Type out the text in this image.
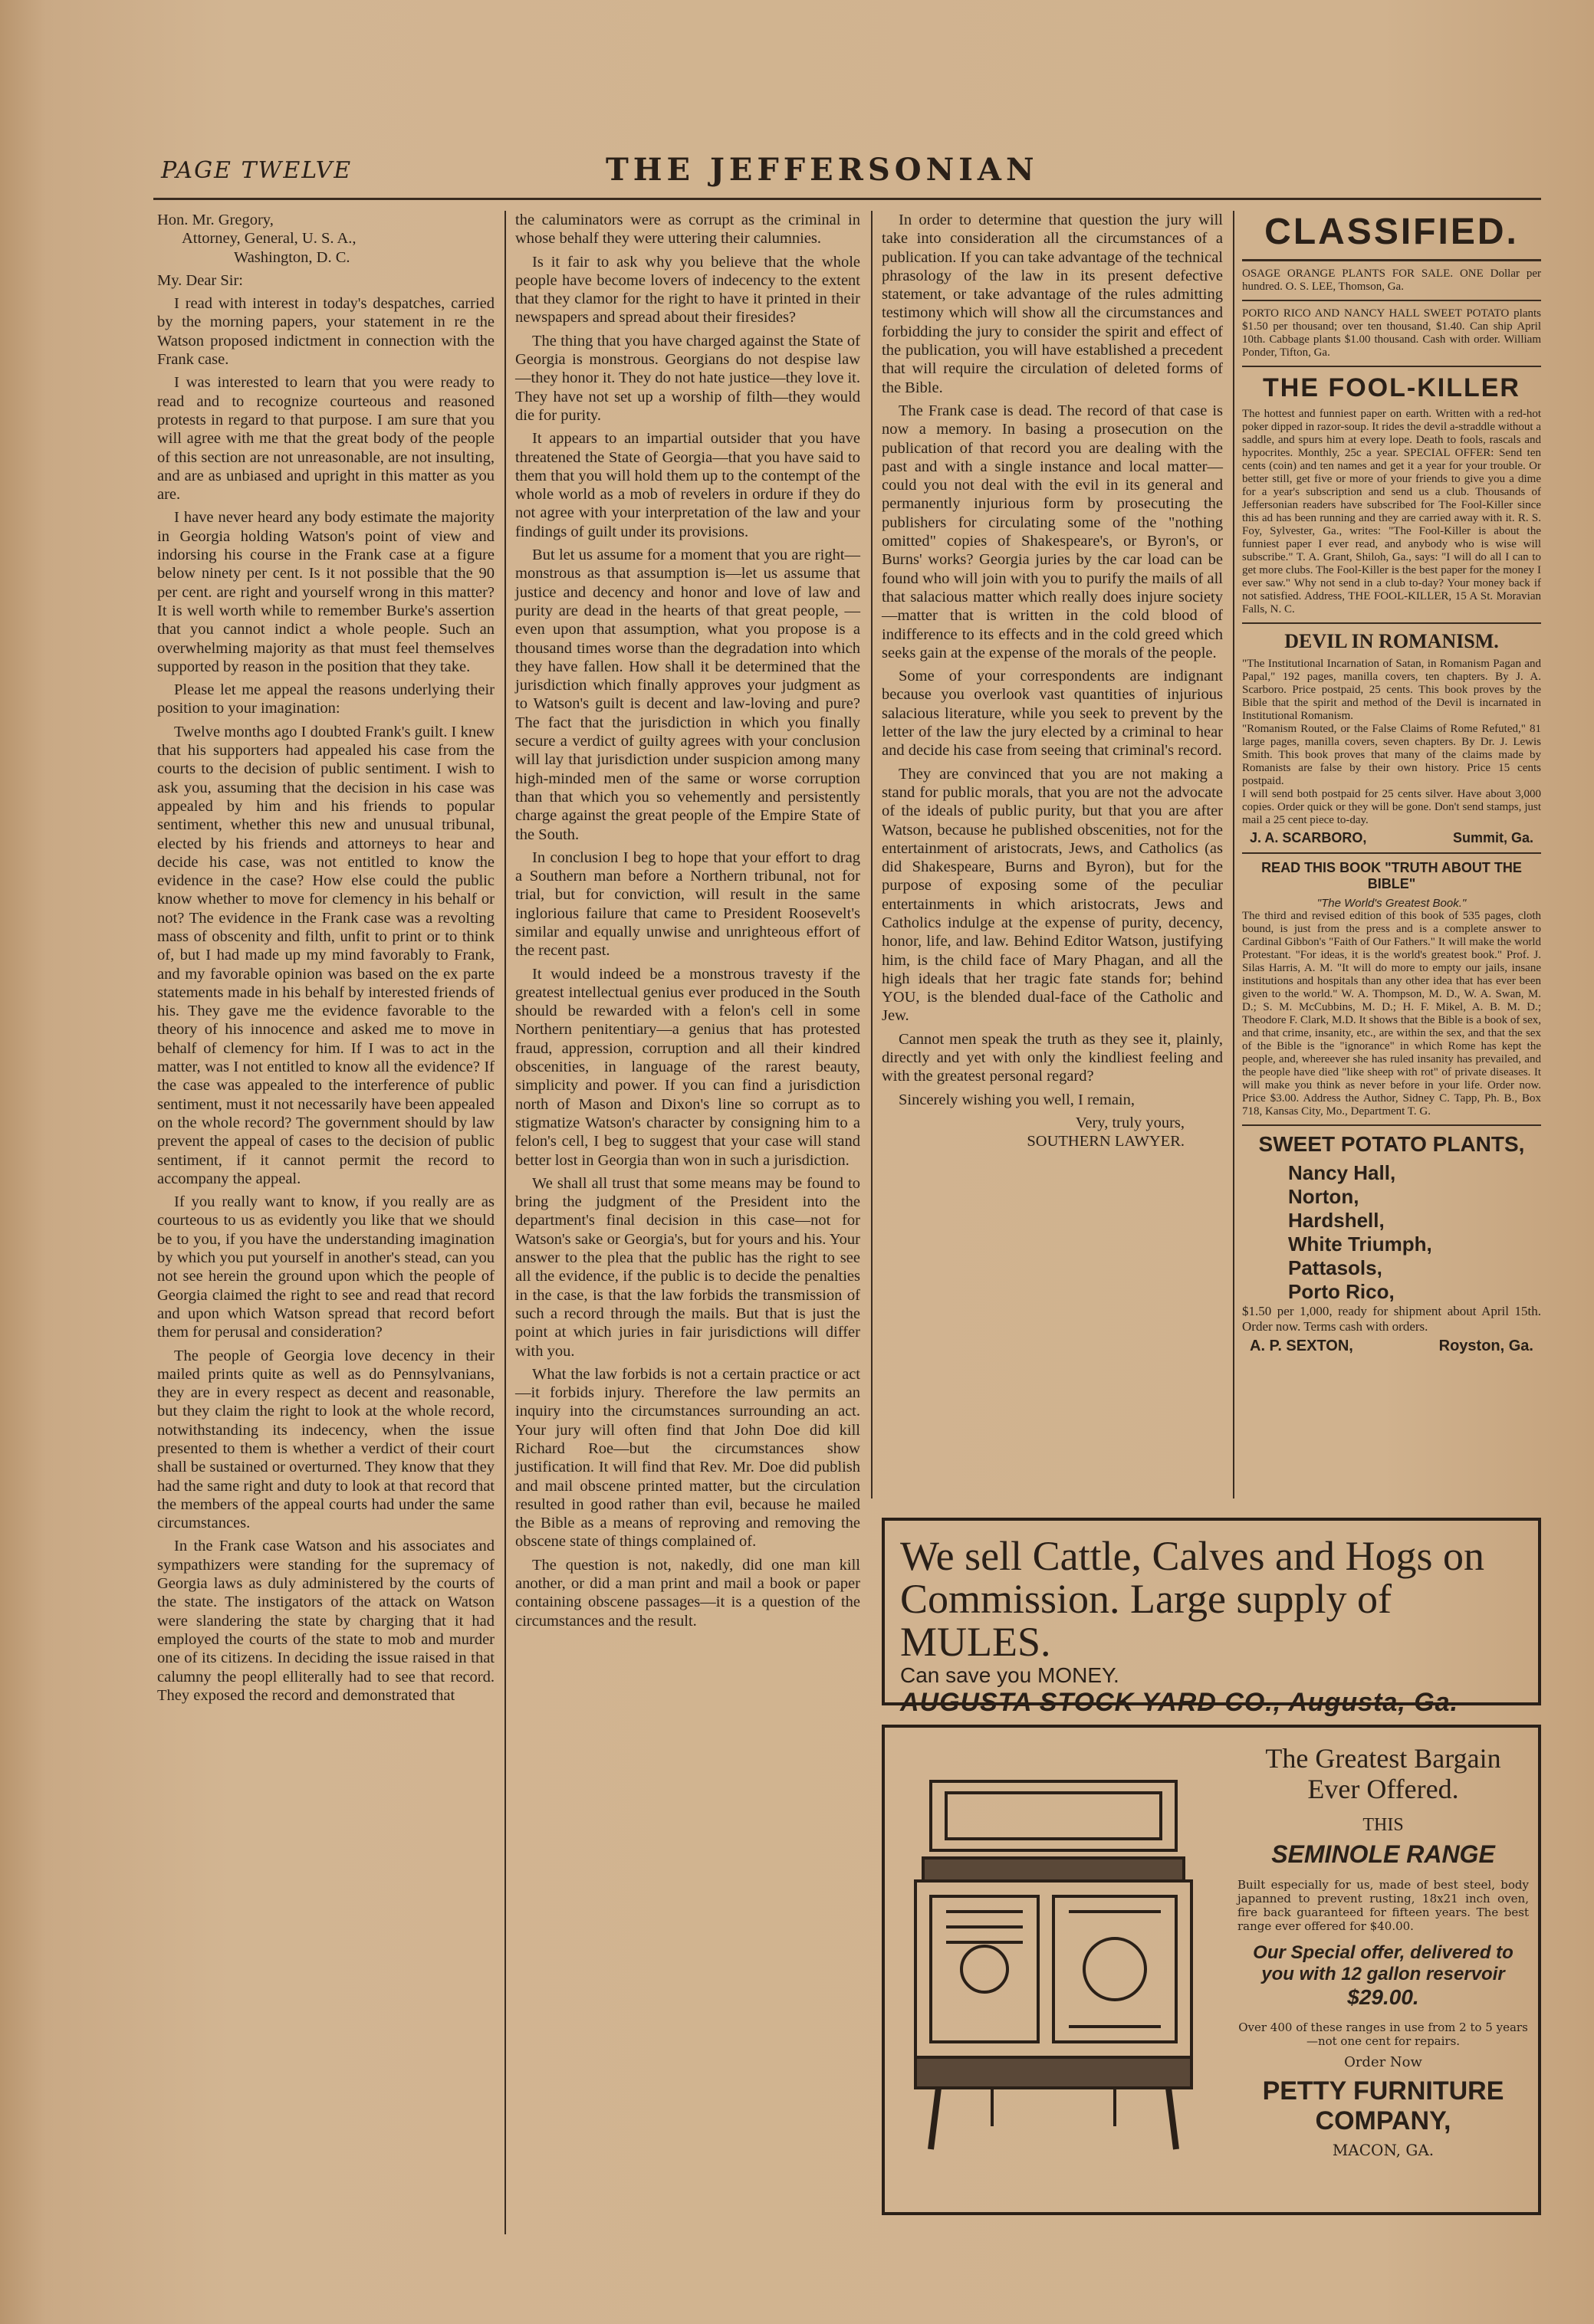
PAGE TWELVE	THE JEFFERSONIAN
Hon. Mr. Gregory,
Attorney, General, U. S. A.,
Washington, D. C.

My. Dear Sir:

I read with interest in today's despatches, carried by the morning papers, your statement in re the Watson proposed indictment in connection with the Frank case.

I was interested to learn that you were ready to read and to recognize courteous and reasoned protests in regard to that purpose. I am sure that you will agree with me that the great body of the people of this section are not unreasonable, are not insulting, and are as unbiased and upright in this matter as you are.

I have never heard any body estimate the majority in Georgia holding Watson's point of view and indorsing his course in the Frank case at a figure below ninety per cent. Is it not possible that the 90 per cent. are right and yourself wrong in this matter? It is well worth while to remember Burke's assertion that you cannot indict a whole people. Such an overwhelming majority as that must feel themselves supported by reason in the position that they take.

Please let me appeal the reasons underlying their position to your imagination:

Twelve months ago I doubted Frank's guilt. I knew that his supporters had appealed his case from the courts to the decision of public sentiment. I wish to ask you, assuming that the decision in his case was appealed by him and his friends to popular sentiment, whether this new and unusual tribunal, elected by his friends and attorneys to hear and decide his case, was not entitled to know the evidence in the case? How else could the public know whether to move for clemency in his behalf or not? The evidence in the Frank case was a revolting mass of obscenity and filth, unfit to print or to think of, but I had made up my mind favorably to Frank, and my favorable opinion was based on the ex parte statements made in his behalf by interested friends of his. They gave me the evidence favorable to the theory of his innocence and asked me to move in behalf of clemency for him. If I was to act in the matter, was I not entitled to know all the evidence? If the case was appealed to the interference of public sentiment, must it not necessarily have been appealed on the whole record? The government should by law prevent the appeal of cases to the decision of public sentiment, if it cannot permit the record to accompany the appeal.

If you really want to know, if you really are as courteous to us as evidently you like that we should be to you, if you have the understanding imagination by which you put yourself in another's stead, can you not see herein the ground upon which the people of Georgia claimed the right to see and read that record and upon which Watson spread that record befort them for perusal and consideration?

The people of Georgia love decency in their mailed prints quite as well as do Pennsylvanians, they are in every respect as decent and reasonable, but they claim the right to look at the whole record, notwithstanding its indecency, when the issue presented to them is whether a verdict of their court shall be sustained or overturned. They know that they had the same right and duty to look at that record that the members of the appeal courts had under the same circumstances.

In the Frank case Watson and his associates and sympathizers were standing for the supremacy of Georgia laws as duly administered by the courts of the state. The instigators of the attack on Watson were slandering the state by charging that it had employed the courts of the state to mob and murder one of its citizens. In deciding the issue raised in that calumny the peopl elliterally had to see that record. They exposed the record and demonstrated that

the caluminators were as corrupt as the criminal in whose behalf they were uttering their calumnies.

Is it fair to ask why you believe that the whole people have become lovers of indecency to the extent that they clamor for the right to have it printed in their newspapers and spread about their firesides?

The thing that you have charged against the State of Georgia is monstrous. Georgians do not despise law —they honor it. They do not hate justice—they love it. They have not set up a worship of filth—they would die for purity.

It appears to an impartial outsider that you have threatened the State of Georgia—that you have said to them that you will hold them up to the contempt of the whole world as a mob of revelers in ordure if they do not agree with your interpretation of the law and your findings of guilt under its provisions.

But let us assume for a moment that you are right—monstrous as that assumption is—let us assume that justice and decency and honor and love of law and purity are dead in the hearts of that great people, —even upon that assumption, what you propose is a thousand times worse than the degradation into which they have fallen. How shall it be determined that the jurisdiction which finally approves your judgment as to Watson's guilt is decent and law-loving and pure? The fact that the jurisdiction in which you finally secure a verdict of guilty agrees with your conclusion will lay that jurisdiction under suspicion among many high-minded men of the same or worse corruption than that which you so vehemently and persistently charge against the great people of the Empire State of the South.

In conclusion I beg to hope that your effort to drag a Southern man before a Northern tribunal, not for trial, but for conviction, will result in the same inglorious failure that came to President Roosevelt's similar and equally unwise and unrighteous effort of the recent past.

It would indeed be a monstrous travesty if the greatest intellectual genius ever produced in the South should be rewarded with a felon's cell in some Northern penitentiary—a genius that has protested fraud, appression, corruption and all their kindred obscenities, in language of the rarest beauty, simplicity and power. If you can find a jurisdiction north of Mason and Dixon's line so corrupt as to stigmatize Watson's character by consigning him to a felon's cell, I beg to suggest that your case will stand better lost in Georgia than won in such a jurisdiction.

We shall all trust that some means may be found to bring the judgment of the President into the department's final decision in this case—not for Watson's sake or Georgia's, but for yours and his. Your answer to the plea that the public has the right to see all the evidence, if the public is to decide the penalties in the case, is that the law forbids the transmission of such a record through the mails. But that is just the point at which juries in fair jurisdictions will differ with you.

What the law forbids is not a certain practice or act—it forbids injury. Therefore the law permits an inquiry into the circumstances surrounding an act. Your jury will often find that John Doe did kill Richard Roe—but the circumstances show justification. It will find that Rev. Mr. Doe did publish and mail obscene printed matter, but the circulation resulted in good rather than evil, because he mailed the Bible as a means of reproving and removing the obscene state of things complained of.

The question is not, nakedly, did one man kill another, or did a man print and mail a book or paper containing obscene passages—it is a question of the circumstances and the result.

In order to determine that question the jury will take into consideration all the circumstances of a publication. If you can take advantage of the technical phrasology of the law in its present defective statement, or take advantage of the rules admitting testimony which will show all the circumstances and forbidding the jury to consider the spirit and effect of the publication, you will have established a precedent that will require the circulation of deleted forms of the Bible.

The Frank case is dead. The record of that case is now a memory. In basing a prosecution on the publication of that record you are dealing with the past and with a single instance and local matter—could you not deal with the evil in its general and permanently injurious form by prosecuting the publishers for circulating some of the "nothing omitted" copies of Shakespeare's, or Byron's, or Burns' works? Georgia juries by the car load can be found who will join with you to purify the mails of all that salacious matter which really does injure society—matter that is written in the cold blood of indifference to its effects and in the cold greed which seeks gain at the expense of the morals of the people.

Some of your correspondents are indignant because you overlook vast quantities of injurious salacious literature, while you seek to prevent by the letter of the law the jury elected by a criminal to hear and decide his case from seeing that criminal's record.

They are convinced that you are not making a stand for public morals, that you are not the advocate of the ideals of public purity, but that you are after Watson, because he published obscenities, not for the entertainment of aristocrats, Jews, and Catholics (as did Shakespeare, Burns and Byron), but for the purpose of exposing some of the peculiar entertainments in which aristocrats, Jews and Catholics indulge at the expense of purity, decency, honor, life, and law. Behind Editor Watson, justifying him, is the child face of Mary Phagan, and all the high ideals that her tragic fate stands for; behind YOU, is the blended dual-face of the Catholic and Jew.

Cannot men speak the truth as they see it, plainly, directly and yet with only the kindliest feeling and with the greatest personal regard?

Sincerely wishing you well, I remain,

Very, truly yours,
SOUTHERN LAWYER.
CLASSIFIED.
OSAGE ORANGE PLANTS FOR SALE. ONE Dollar per hundred. O. S. LEE, Thomson, Ga.
PORTO RICO AND NANCY HALL SWEET POTATO plants $1.50 per thousand; over ten thousand, $1.40. Can ship April 10th. Cabbage plants $1.00 thousand. Cash with order. William Ponder, Tifton, Ga.
THE FOOL-KILLER
The hottest and funniest paper on earth. Written with a red-hot poker dipped in razor-soup. It rides the devil a-straddle without a saddle, and spurs him at every lope. Death to fools, rascals and hypocrites. Monthly, 25c a year. SPECIAL OFFER: Send ten cents (coin) and ten names and get it a year for your trouble. Or better still, get five or more of your friends to give you a dime for a year's subscription and send us a club. Thousands of Jeffersonian readers have subscribed for The Fool-Killer since this ad has been running and they are carried away with it. R. S. Foy, Sylvester, Ga., writes: "The Fool-Killer is about the funniest paper I ever read, and anybody who is wise will subscribe." T. A. Grant, Shiloh, Ga., says: "I will do all I can to get more clubs. The Fool-Killer is the best paper for the money I ever saw." Why not send in a club to-day? Your money back if not satisfied. Address, THE FOOL-KILLER, 15 A St. Moravian Falls, N. C.
DEVIL IN ROMANISM.
"The Institutional Incarnation of Satan, in Romanism Pagan and Papal," 192 pages, manilla covers, ten chapters. By J. A. Scarboro. Price postpaid, 25 cents. This book proves by the Bible that the spirit and method of the Devil is incarnated in Institutional Romanism.
"Romanism Routed, or the False Claims of Rome Refuted," 81 large pages, manilla covers, seven chapters. By Dr. J. Lewis Smith. This book proves that many of the claims made by Romanists are false by their own history. Price 15 cents postpaid.
I will send both postpaid for 25 cents silver. Have about 3,000 copies. Order quick or they will be gone. Don't send stamps, just mail a 25 cent piece to-day.
J. A. SCARBORO,	Summit, Ga.
READ THIS BOOK "TRUTH ABOUT THE BIBLE"
"The World's Greatest Book."
The third and revised edition of this book of 535 pages, cloth bound, is just from the press and is a complete answer to Cardinal Gibbon's "Faith of Our Fathers." It will make the world Protestant. "For ideas, it is the world's greatest book." Prof. J. Silas Harris, A. M. "It will do more to empty our jails, insane institutions and hospitals than any other idea that has ever been given to the world." W. A. Thompson, M. D., W. A. Swan, M. D.; S. M. McCubbins, M. D.; H. F. Mikel, A. B. M. D.; Theodore F. Clark, M.D. It shows that the Bible is a book of sex, and that crime, insanity, etc., are within the sex, and that the sex of the Bible is the "ignorance" in which Rome has kept the people, and, whereever she has ruled insanity has prevailed, and the people have died "like sheep with rot" of private diseases. It will make you think as never before in your life. Order now. Price $3.00. Address the Author, Sidney C. Tapp, Ph. B., Box 718, Kansas City, Mo., Department T. G.
SWEET POTATO PLANTS,
Nancy Hall,
Norton,
Hardshell,
White Triumph,
Pattasols,
Porto Rico,
$1.50 per 1,000, ready for shipment about April 15th. Order now. Terms cash with orders.
A. P. SEXTON,	Royston, Ga.
We sell Cattle, Calves and Hogs on
Commission. Large supply of MULES.
Can save you MONEY.
AUGUSTA STOCK YARD CO., Augusta, Ga.
The Greatest Bargain Ever Offered.
THIS
SEMINOLE RANGE
Built especially for us, made of best steel, body japanned to prevent rusting, 18x21 inch oven, fire back guaranteed for fifteen years. The best range ever offered for $40.00.
Our Special offer, delivered to you with 12 gallon reservoir
$29.00.
Over 400 of these ranges in use from 2 to 5 years—not one cent for repairs.
Order Now
PETTY FURNITURE COMPANY,
MACON, GA.
